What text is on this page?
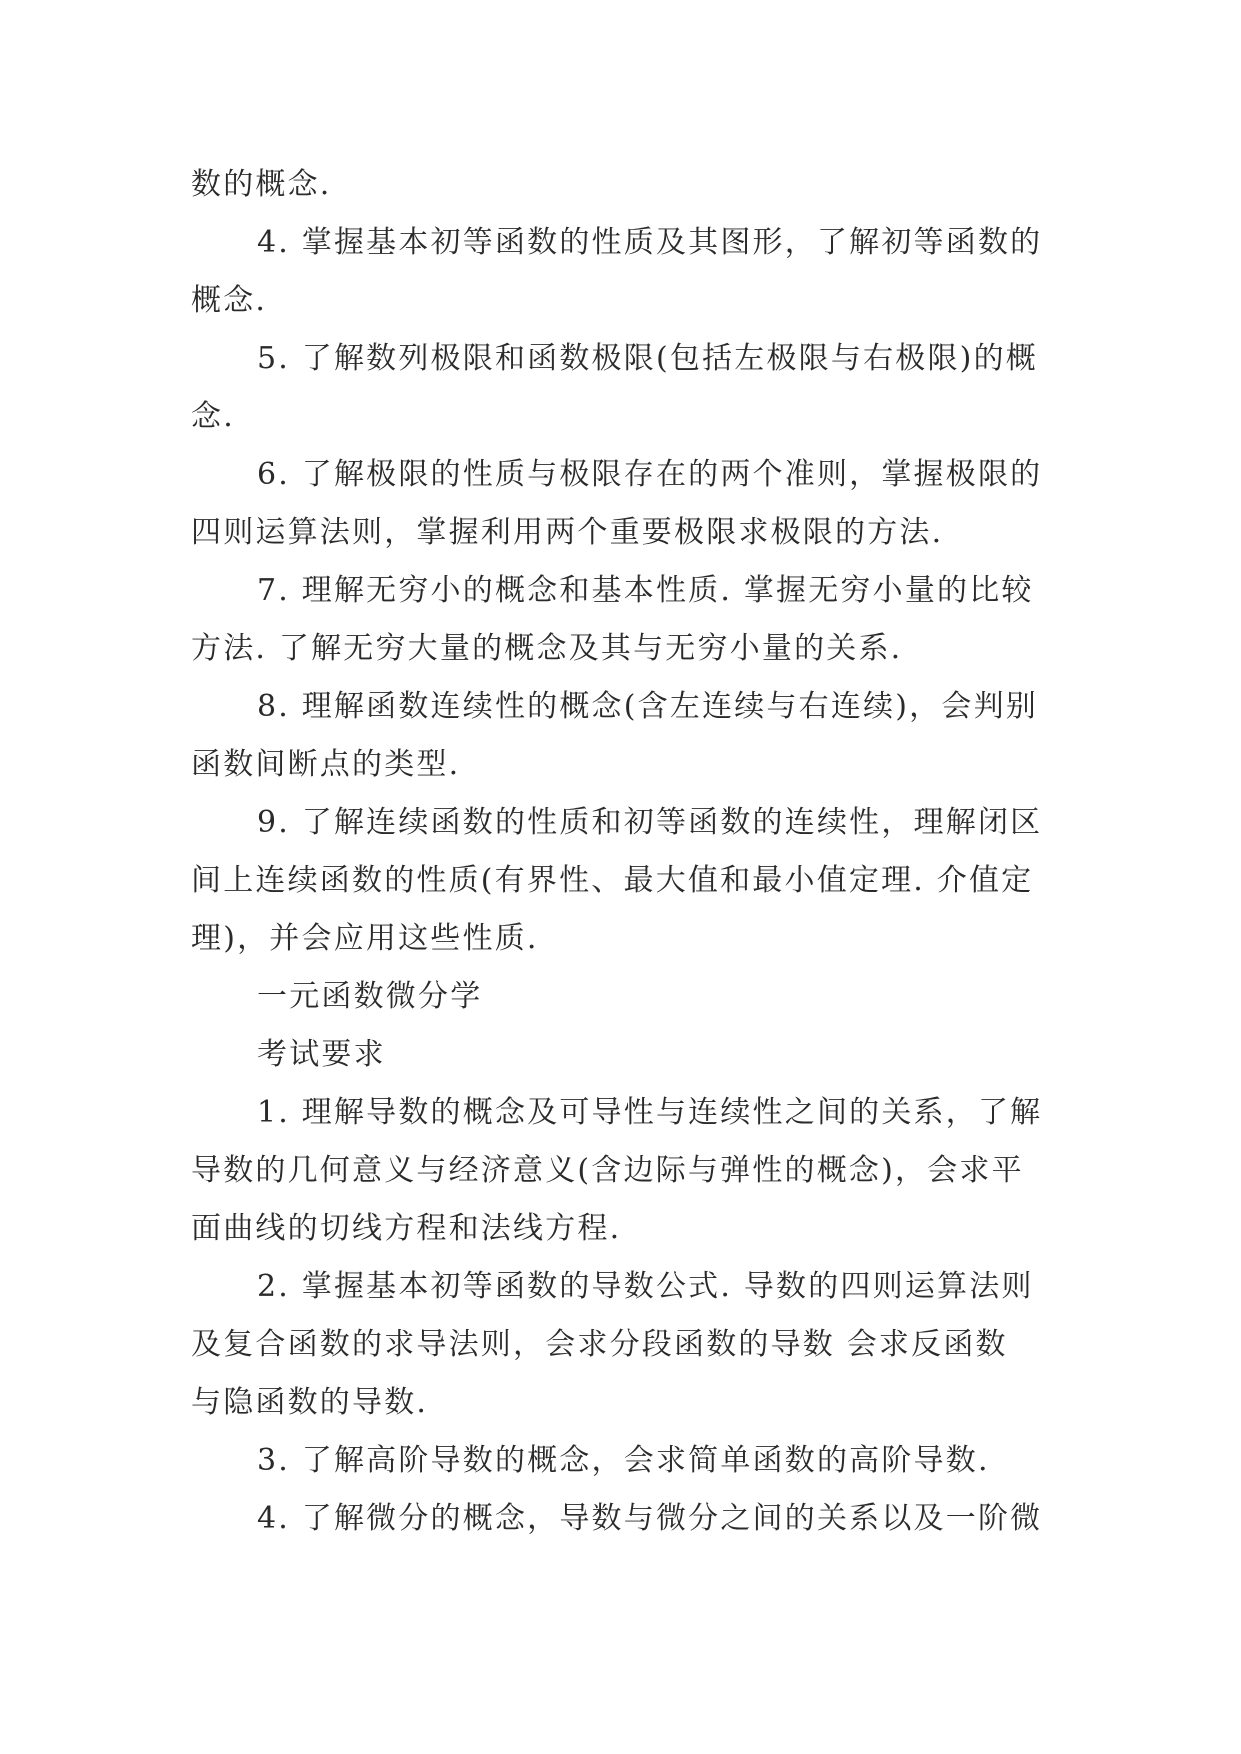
数的概念.

4. 掌握基本初等函数的性质及其图形，了解初等函数的
概念.

5. 了解数列极限和函数极限(包括左极限与右极限)的概
念.

6. 了解极限的性质与极限存在的两个准则，掌握极限的
四则运算法则，掌握利用两个重要极限求极限的方法.

7. 理解无穷小的概念和基本性质. 掌握无穷小量的比较
方法. 了解无穷大量的概念及其与无穷小量的关系.

8. 理解函数连续性的概念(含左连续与右连续)，会判别
函数间断点的类型.

9. 了解连续函数的性质和初等函数的连续性，理解闭区
间上连续函数的性质(有界性、最大值和最小值定理. 介值定
理)，并会应用这些性质.

一元函数微分学

考试要求

1. 理解导数的概念及可导性与连续性之间的关系，了解
导数的几何意义与经济意义(含边际与弹性的概念)，会求平
面曲线的切线方程和法线方程.

2. 掌握基本初等函数的导数公式. 导数的四则运算法则
及复合函数的求导法则，会求分段函数的导数 会求反函数
与隐函数的导数.

3. 了解高阶导数的概念，会求简单函数的高阶导数.

4. 了解微分的概念，导数与微分之间的关系以及一阶微
